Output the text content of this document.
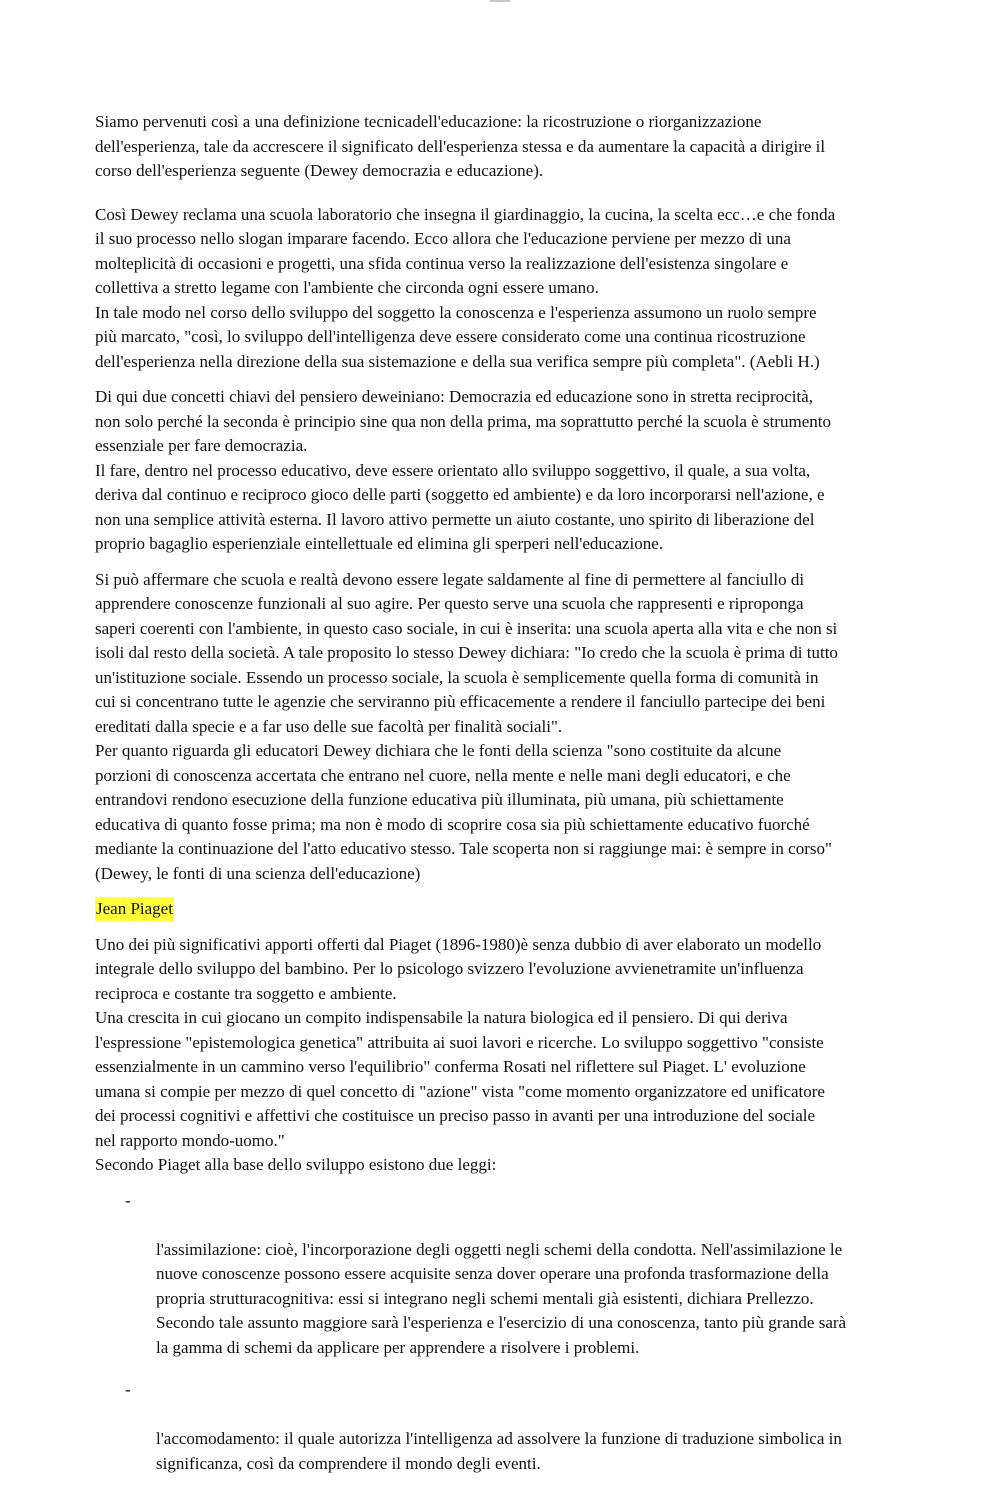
Siamo pervenuti così a una definizione tecnicadell'educazione: la ricostruzione o riorganizzazione
dell'esperienza, tale da accrescere il significato dell'esperienza stessa e da aumentare la capacità a dirigire il
corso dell'esperienza seguente (Dewey democrazia e educazione).

Così Dewey reclama una scuola laboratorio che insegna il giardinaggio, la cucina, la scelta ecc…e che fonda
il suo processo nello slogan imparare facendo. Ecco allora che l'educazione perviene per mezzo di una
molteplicità di occasioni e progetti, una sfida continua verso la realizzazione dell'esistenza singolare e
collettiva a stretto legame con l'ambiente che circonda ogni essere umano.

In tale modo nel corso dello sviluppo del soggetto la conoscenza e l'esperienza assumono un ruolo sempre
più marcato, "così, lo sviluppo dell'intelligenza deve essere considerato come una continua ricostruzione
dell'esperienza nella direzione della sua sistemazione e della sua verifica sempre più completa". (Aebli H.)

Di qui due concetti chiavi del pensiero deweiniano: Democrazia ed educazione sono in stretta reciprocità,
non solo perché la seconda è principio sine qua non della prima, ma soprattutto perché la scuola è strumento
essenziale per fare democrazia.

Il fare, dentro nel processo educativo, deve essere orientato allo sviluppo soggettivo, il quale, a sua volta,
deriva dal continuo e reciproco gioco delle parti (soggetto ed ambiente) e da loro incorporarsi nell'azione, e
non una semplice attività esterna. Il lavoro attivo permette un aiuto costante, uno spirito di liberazione del
proprio bagaglio esperienziale eintellettuale ed elimina gli sperperi nell'educazione.

Si può affermare che scuola e realtà devono essere legate saldamente al fine di permettere al fanciullo di
apprendere conoscenze funzionali al suo agire. Per questo serve una scuola che rappresenti e riproponga
saperi coerenti con l'ambiente, in questo caso sociale, in cui è inserita: una scuola aperta alla vita e che non si
isoli dal resto della società. A tale proposito lo stesso Dewey dichiara: "Io credo che la scuola è prima di tutto
un'istituzione sociale. Essendo un processo sociale, la scuola è semplicemente quella forma di comunità in
cui si concentrano tutte le agenzie che serviranno più efficacemente a rendere il fanciullo partecipe dei beni
ereditati dalla specie e a far uso delle sue facoltà per finalità sociali".

Per quanto riguarda gli educatori Dewey dichiara che le fonti della scienza "sono costituite da alcune
porzioni di conoscenza accertata che entrano nel cuore, nella mente e nelle mani degli educatori, e che
entrandovi rendono esecuzione della funzione educativa più illuminata, più umana, più schiettamente
educativa di quanto fosse prima; ma non è modo di scoprire cosa sia più schiettamente educativo fuorché
mediante la continuazione del l'atto educativo stesso. Tale scoperta non si raggiunge mai: è sempre in corso"
(Dewey, le fonti di una scienza dell'educazione)

Jean Piaget

Uno dei più significativi apporti offerti dal Piaget (1896-1980)è senza dubbio di aver elaborato un modello
integrale dello sviluppo del bambino. Per lo psicologo svizzero l'evoluzione avvienetramite un'influenza
reciproca e costante tra soggetto e ambiente.

Una crescita in cui giocano un compito indispensabile la natura biologica ed il pensiero. Di qui deriva
l'espressione "epistemologica genetica" attribuita ai suoi lavori e ricerche. Lo sviluppo soggettivo "consiste
essenzialmente in un cammino verso l'equilibrio" conferma Rosati nel riflettere sul Piaget. L' evoluzione
umana si compie per mezzo di quel concetto di "azione" vista "come momento organizzatore ed unificatore
dei processi cognitivi e affettivi che costituisce un preciso passo in avanti per una introduzione del sociale
nel rapporto mondo-uomo."

Secondo Piaget alla base dello sviluppo esistono due leggi:

-

l'assimilazione: cioè, l'incorporazione degli oggetti negli schemi della condotta. Nell'assimilazione le
nuove conoscenze possono essere acquisite senza dover operare una profonda trasformazione della
propria strutturacognitiva: essi si integrano negli schemi mentali già esistenti, dichiara Prellezzo.
Secondo tale assunto maggiore sarà l'esperienza e l'esercizio di una conoscenza, tanto più grande sarà
la gamma di schemi da applicare per apprendere a risolvere i problemi.

-

l'accomodamento: il quale autorizza l'intelligenza ad assolvere la funzione di traduzione simbolica in
significanza, così da comprendere il mondo degli eventi.
